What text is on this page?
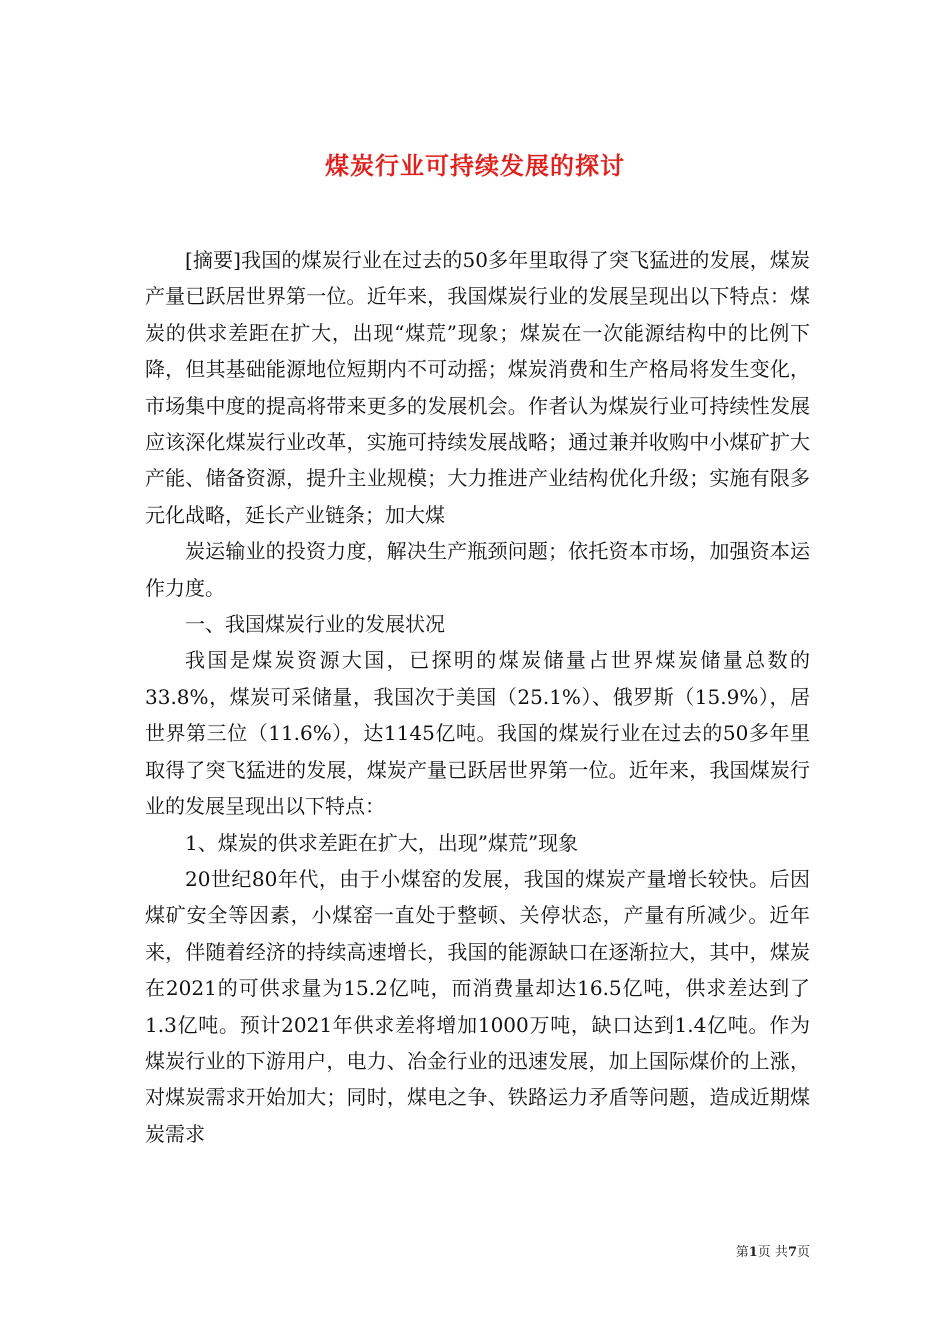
煤炭行业可持续发展的探讨

[摘要]我国的煤炭行业在过去的50多年里取得了突飞猛进的发展，煤炭产量已跃居世界第一位。近年来，我国煤炭行业的发展呈现出以下特点：煤炭的供求差距在扩大，出现“煤荒”现象；煤炭在一次能源结构中的比例下降，但其基础能源地位短期内不可动摇；煤炭消费和生产格局将发生变化，市场集中度的提高将带来更多的发展机会。作者认为煤炭行业可持续性发展应该深化煤炭行业改革，实施可持续发展战略；通过兼并收购中小煤矿扩大产能、储备资源，提升主业规模；大力推进产业结构优化升级；实施有限多元化战略，延长产业链条；加大煤

炭运输业的投资力度，解决生产瓶颈问题；依托资本市场，加强资本运作力度。

一、我国煤炭行业的发展状况

我国是煤炭资源大国，已探明的煤炭储量占世界煤炭储量总数的33.8%，煤炭可采储量，我国次于美国（25.1%）、俄罗斯（15.9%），居世界第三位（11.6%），达1145亿吨。我国的煤炭行业在过去的50多年里取得了突飞猛进的发展，煤炭产量已跃居世界第一位。近年来，我国煤炭行业的发展呈现出以下特点：

1、煤炭的供求差距在扩大，出现”煤荒”现象

20世纪80年代，由于小煤窑的发展，我国的煤炭产量增长较快。后因煤矿安全等因素，小煤窑一直处于整顿、关停状态，产量有所减少。近年来，伴随着经济的持续高速增长，我国的能源缺口在逐渐拉大，其中，煤炭在2021的可供求量为15.2亿吨，而消费量却达16.5亿吨，供求差达到了1.3亿吨。预计2021年供求差将增加1000万吨，缺口达到1.4亿吨。作为煤炭行业的下游用户，电力、冶金行业的迅速发展，加上国际煤价的上涨，对煤炭需求开始加大；同时，煤电之争、铁路运力矛盾等问题，造成近期煤炭需求

第1页 共7页
